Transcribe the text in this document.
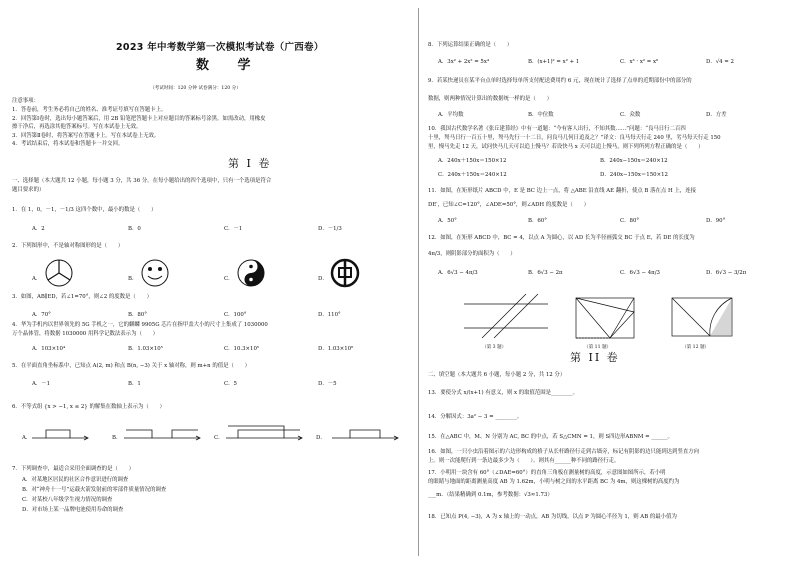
2023 年中考数学第一次模拟考试卷（广西卷）
数 学
（考试时间：120 分钟 试卷满分：120 分）
注意事项：
1．答卷前，考生务必将自己的姓名、准考证号填写在答题卡上。
2．回答第Ⅰ卷时，选出每小题答案后，用 2B 铅笔把答题卡上对应题目的答案标号涂黑。如需改动，用橡皮
擦干净后，再选涂其他答案标号。写在本试卷上无效。
3．回答第Ⅱ卷时，将答案写在答题卡上。写在本试卷上无效。
4．考试结束后，将本试卷和答题卡一并交回。
第 I 卷
一、选择题（本大题共 12 小题，每小题 3 分，共 36 分。在每小题给出的四个选项中，只有一个选项是符合
题目要求的）
1．在 1，0，－1，－1/3 这四个数中，最小的数是（　　）
A．2	B．0	C．－1	D．－1/3
2．下列图形中，不是轴对称图形的是（　　）
A．	B．	C．	D．
3．如图，AB∥ED，若∠1=70°，则∠2 的度数是（　　）
A．70°	B．80°	C．100°	D．110°
4．华为手机内以世界领先的 5G 手机之一，它的麒麟 9905G 芯片在指甲盖大小的尺寸上集成了 1030000
万个晶体管，将数据 1030000 用科学记数法表示为（　　）
A．103×10⁴	B．1.03×10⁵	C．10.3×10⁵	D．1.03×10⁶
5．在平面直角坐标系中，已知点 A(2, m) 和点 B(n, −3) 关于 x 轴对称，则 m+n 的值是（　　）
A．－1	B．1	C．5	D．－5
6．不等式组 {x > −1, x ≤ 2} 的解集在数轴上表示为（　　）
A．	B．	C．	D．
7．下列调查中，最适合采用全面调查的是（　　）
A．对某地区居民的社区合作意识进行的调查
B．对“神舟十一号”运载火箭发射前的零部件质量情况的调查
C．对某校八年级学生视力情况的调查
D．对市场上某一品牌电池使用寿命的调查
8．下列运算结果正确的是（　　）
A．3x² + 2x² = 5x⁴	B．(x+1)² = x² + 1	C．x³ · x² = x⁶	D．√4 = 2
9．若某快递员在某平台点单时选择每单所支付配送费用约 6 元，现在统计了选择了点单的近期部份中的部分的
数据，则两种情况计算出的数据统一样的是（　　）
A．平均数	B．中位数	C．众数	D．方差
10．我国古代数学名著《张丘建算经》中有一道题：“今有客人出行，不知其数……”问题：“良马日行二百四
十里，驽马日行一百五十里，驽马先行一十二日，问良马几何日追及之？”译文：良马每天行走 240 里，劣马每天行走 150
里，慢马先走 12 天，试问快马几天可以追上慢马？若设快马 x 天可以追上慢马，则下列所列方程正确的是（　　）
A．240x＋150x＝150×12	B．240x−150x＝240×12
C．240x＋150x＝240×12	D．240x−150x＝150×12
11．如图，在矩形纸片 ABCD 中，E 是 BC 边上一点，将 △ABE 沿直线 AE 翻折，使点 B 落在点 H 上，连接
DE′，已知∠C=120°，∠ADE=50°，则∠ADH 的度数是（　　）
A．50°	B．60°	C．80°	D．90°
12．如图，在矩形 ABCD 中，BC = 4，以点 A 为圆心，以 AD 长为半径画弧交 BC 于点 E，若 DE 的长度为
4π/3，则阴影部分的面积为（　　）
A．6√3 − 4π/3	B．6√3 − 2π	C．6√3 − 4π/3	D．6√3 − 3/2π
（第 3 题）	（第 11 题）	（第 12 题）
第 II 卷
二、填空题（本大题共 6 小题，每小题 2 分，共 12 分）
13．要使分式 x/(x+1) 有意义，则 x 的取值范围是________。
14．分解因式：3a² − 3 = ________。
15．在△ABC 中，M、N 分别为 AC, BC 的中点，若 S△CMN = 1，则 S四边形ABNM = ______。
16．如图，一只小虫沿着图示的六边形构成的格子从长杆路径行走到古墙旁，标记有阴影的边只能到达到竖直方向
上。则一次能爬行到一条边最多少为（　　）。则其有______种不同的路径行走。
17．小明用一块含有 60°（∠DAE=60°）的直角三角板在测量树的高度，示意图如图所示，若小明
的眼睛与地面的距离测量高度 AB 为 1.62m，小明与树之间的水平距离 BC 为 4m，则这棵树的高度约为
___m．（结果精确到 0.1m，参考数据：√3≈1.73）
18．已知点 P(4, −3)，A 为 x 轴上的一动点，AB 为切线，以点 P 为圆心半径为 1，则 AB 的最小值为
